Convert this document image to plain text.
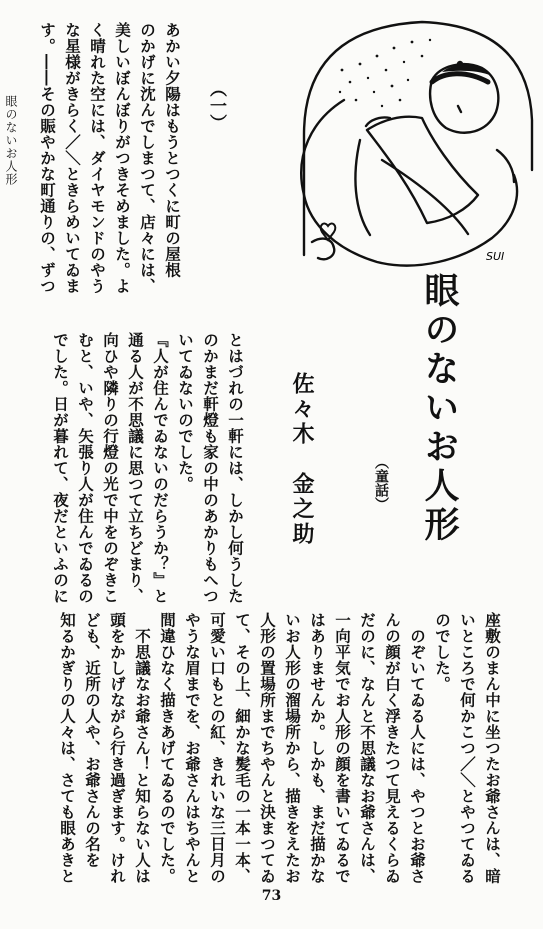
SUI
眼のないお人形	（一）
す。――その賑やかな町通りの、ずつ な星様がきらく／＼ときらめいてゐま く晴れた空には、ダイヤモンドのやう 美しいぼんぼりがつきそめました。よ のかげに沈んでしまつて、店々には、 あかい夕陽はもうとつくに町の屋根
でした。日が暮れて、夜だといふのに むと、いや、矢張り人が住んでゐるの 向ひや隣りの行燈の光で中をのぞきこ 通る人が不思議に思つて立ちどまり、 『人が住んでゐないのだらうか？』と いてゐないのでした。 のかまだ軒燈も家の中のあかりもへつ とはづれの一軒には、しかし何うした	眼のないお人形
（童話）
佐々木　金之助
知るかぎりの人々は、さても眼あきと ども、近所の人や、お爺さんの名を 頭をかしげながら行き過ぎます。けれ 　不思議なお爺さん！と知らない人は 間違ひなく描きあげてゐるのでした。 やうな眉までを、お爺さんはちやんと 可愛い口もとの紅、きれいな三日月の て、その上、細かな髪毛の一本一本、 人形の置場所までちやんと決まつてゐ いお人形の溜場所から、描きをえたお はありませんか。しかも、まだ描かな 一向平気でお人形の顔を書いてゐるで だのに、なんと不思議なお爺さんは、 んの顔が白く浮きたつて見えるくらゐ 　のぞいてゐる人には、やつとお爺さ のでした。 いところで何かこつ／＼とやつてゐる 座敷のまん中に坐つたお爺さんは、暗
73
